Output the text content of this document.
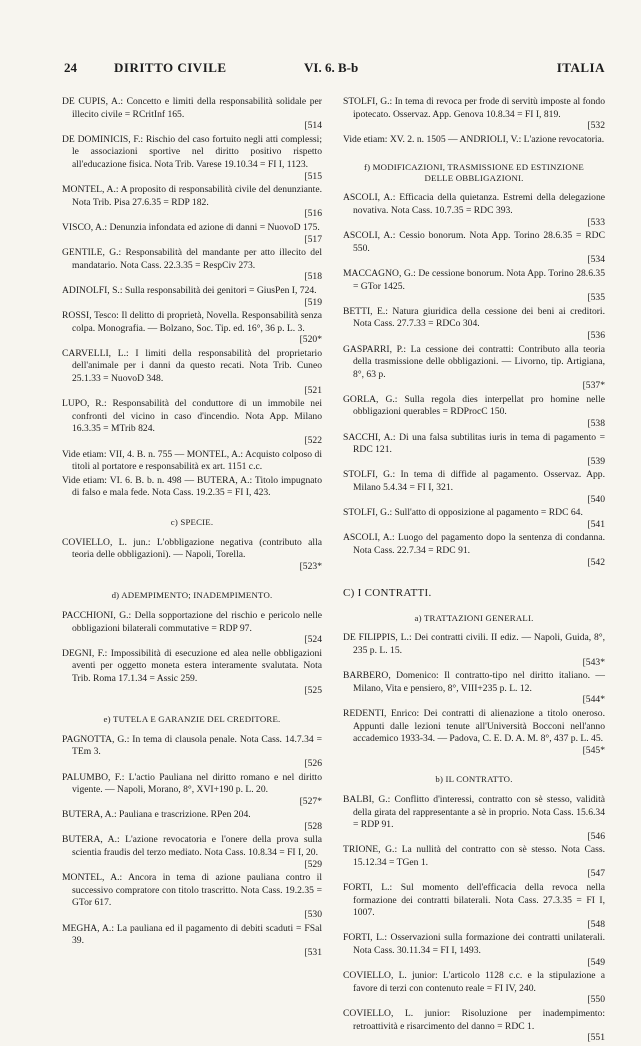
24	DIRITTO CIVILE	VI. 6. B-b	ITALIA
DE CUPIS, A.: Concetto e limiti della responsabilità solidale per illecito civile = RCritInf 165.
[514
DE DOMINICIS, F.: Rischio del caso fortuito negli atti complessi; le associazioni sportive nel diritto positivo rispetto all'educazione fisica. Nota Trib. Varese 19.10.34 = FI I, 1123.
[515
MONTEL, A.: A proposito di responsabilità civile del denunziante. Nota Trib. Pisa 27.6.35 = RDP 182.
[516
VISCO, A.: Denunzia infondata ed azione di danni = NuovoD 175.
[517
GENTILE, G.: Responsabilità del mandante per atto illecito del mandatario. Nota Cass. 22.3.35 = RespCiv 273.
[518
ADINOLFI, S.: Sulla responsabilità dei genitori = GiusPen I, 724.
[519
ROSSI, Tesco: Il delitto di proprietà, Novella. Responsabilità senza colpa. Monografia. — Bolzano, Soc. Tip. ed. 16°, 36 p. L. 3.
[520*
CARVELLI, L.: I limiti della responsabilità del proprietario dell'animale per i danni da questo recati. Nota Trib. Cuneo 25.1.33 = NuovoD 348.
[521
LUPO, R.: Responsabilità del conduttore di un immobile nei confronti del vicino in caso d'incendio. Nota App. Milano 16.3.35 = MTrib 824.
[522
Vide etiam: VII, 4. B. n. 755 — MONTEL, A.: Acquisto colposo di titoli al portatore e responsabilità ex art. 1151 c.c.
Vide etiam: VI. 6. B. b. n. 498 — BUTERA, A.: Titolo impugnato di falso e mala fede. Nota Cass. 19.2.35 = FI I, 423.
c) SPECIE.
COVIELLO, L. jun.: L'obbligazione negativa (contributo alla teoria delle obbligazioni). — Napoli, Torella.
[523*
d) ADEMPIMENTO; INADEMPIMENTO.
PACCHIONI, G.: Della sopportazione del rischio e pericolo nelle obbligazioni bilaterali commutative = RDP 97.
[524
DEGNI, F.: Impossibilità di esecuzione ed alea nelle obbligazioni aventi per oggetto moneta estera interamente svalutata. Nota Trib. Roma 17.1.34 = Assic 259.
[525
e) TUTELA E GARANZIE DEL CREDITORE.
PAGNOTTA, G.: In tema di clausola penale. Nota Cass. 14.7.34 = TEm 3.
[526
PALUMBO, F.: L'actio Pauliana nel diritto romano e nel diritto vigente. — Napoli, Morano, 8°, XVI+190 p. L. 20.
[527*
BUTERA, A.: Pauliana e trascrizione. RPen 204.
[528
BUTERA, A.: L'azione revocatoria e l'onere della prova sulla scientia fraudis del terzo mediato. Nota Cass. 10.8.34 = FI I, 20.
[529
MONTEL, A.: Ancora in tema di azione pauliana contro il successivo compratore con titolo trascritto. Nota Cass. 19.2.35 = GTor 617.
[530
MEGHA, A.: La pauliana ed il pagamento di debiti scaduti = FSal 39.
[531
STOLFI, G.: In tema di revoca per frode di servitù imposte al fondo ipotecato. Osservaz. App. Genova 10.8.34 = FI I, 819.
[532
Vide etiam: XV. 2. n. 1505 — ANDRIOLI, V.: L'azione revocatoria.
f) MODIFICAZIONI, TRASMISSIONE ED ESTINZIONE
DELLE OBBLIGAZIONI.
ASCOLI, A.: Efficacia della quietanza. Estremi della delegazione novativa. Nota Cass. 10.7.35 = RDC 393.
[533
ASCOLI, A.: Cessio bonorum. Nota App. Torino 28.6.35 = RDC 550.
[534
MACCAGNO, G.: De cessione bonorum. Nota App. Torino 28.6.35 = GTor 1425.
[535
BETTI, E.: Natura giuridica della cessione dei beni ai creditori. Nota Cass. 27.7.33 = RDCo 304.
[536
GASPARRI, P.: La cessione dei contratti: Contributo alla teoria della trasmissione delle obbligazioni. — Livorno, tip. Artigiana, 8°, 63 p.
[537*
GORLA, G.: Sulla regola dies interpellat pro homine nelle obbligazioni querables = RDProcC 150.
[538
SACCHI, A.: Di una falsa subtilitas iuris in tema di pagamento = RDC 121.
[539
STOLFI, G.: In tema di diffide al pagamento. Osservaz. App. Milano 5.4.34 = FI I, 321.
[540
STOLFI, G.: Sull'atto di opposizione al pagamento = RDC 64.
[541
ASCOLI, A.: Luogo del pagamento dopo la sentenza di condanna. Nota Cass. 22.7.34 = RDC 91.
[542
C) I CONTRATTI.
a) TRATTAZIONI GENERALI.
DE FILIPPIS, L.: Dei contratti civili. II ediz. — Napoli, Guida, 8°, 235 p. L. 15.
[543*
BARBERO, Domenico: Il contratto-tipo nel diritto italiano. — Milano, Vita e pensiero, 8°, VIII+235 p. L. 12.
[544*
REDENTI, Enrico: Dei contratti di alienazione a titolo oneroso. Appunti dalle lezioni tenute all'Università Bocconi nell'anno accademico 1933-34. — Padova, C. E. D. A. M. 8°, 437 p. L. 45.
[545*
b) IL CONTRATTO.
BALBI, G.: Conflitto d'interessi, contratto con sè stesso, validità della girata del rappresentante a sè in proprio. Nota Cass. 15.6.34 = RDP 91.
[546
TRIONE, G.: La nullità del contratto con sè stesso. Nota Cass. 15.12.34 = TGen 1.
[547
FORTI, L.: Sul momento dell'efficacia della revoca nella formazione dei contratti bilaterali. Nota Cass. 27.3.35 = FI I, 1007.
[548
FORTI, L.: Osservazioni sulla formazione dei contratti unilaterali. Nota Cass. 30.11.34 = FI I, 1493.
[549
COVIELLO, L. junior: L'articolo 1128 c.c. e la stipulazione a favore di terzi con contenuto reale = FI IV, 240.
[550
COVIELLO, L. junior: Risoluzione per inadempimento: retroattività e risarcimento del danno = RDC 1.
[551
